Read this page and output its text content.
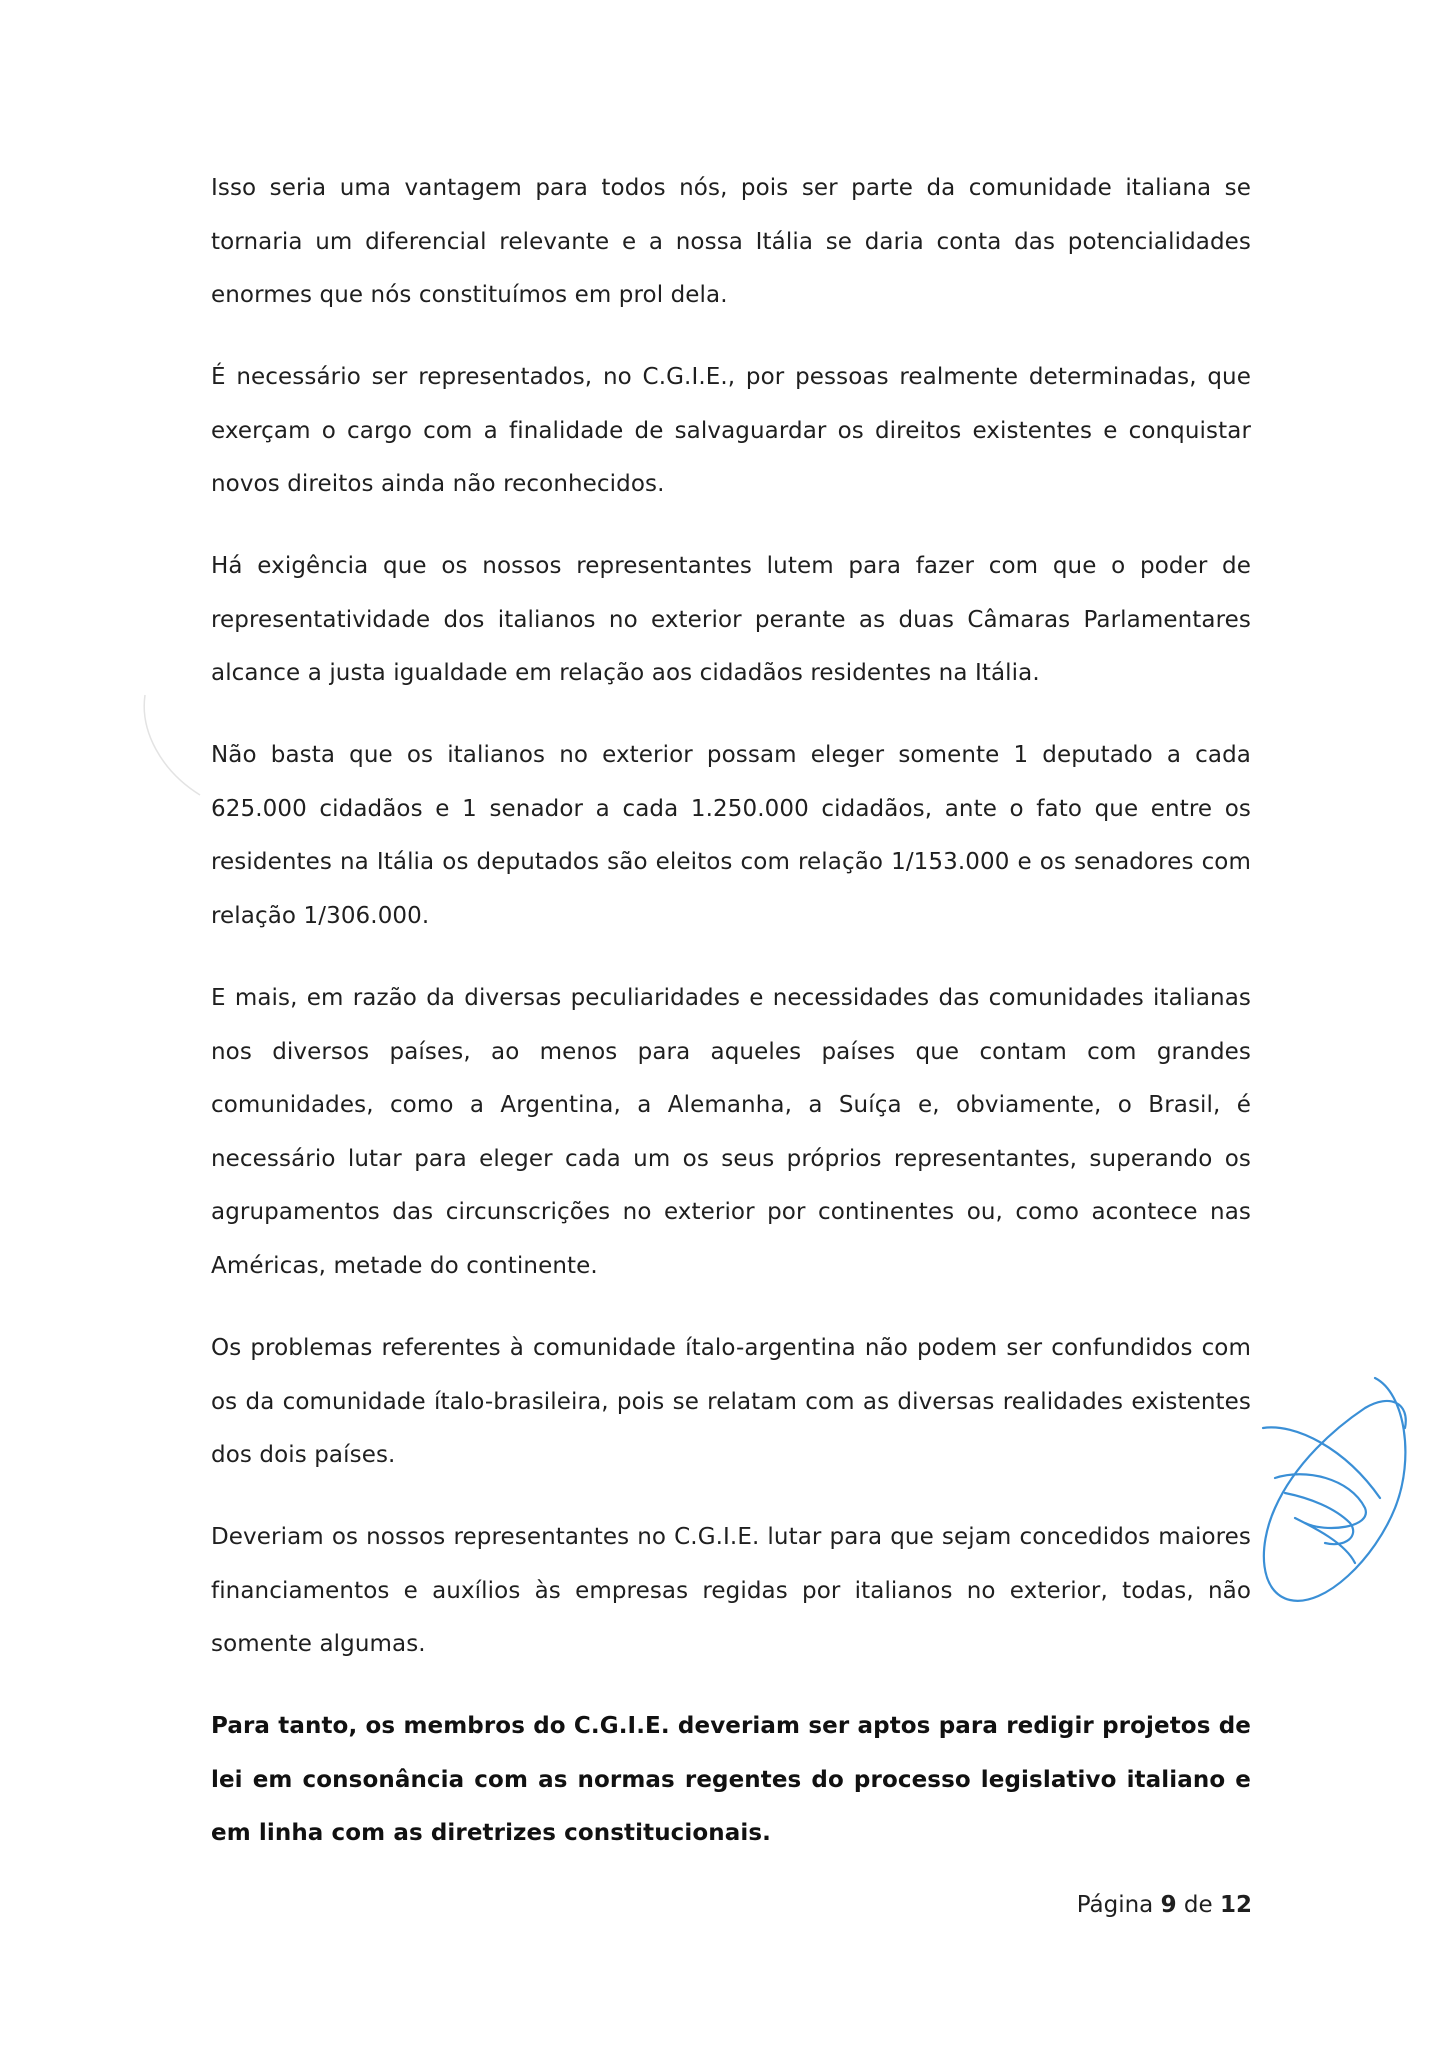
Isso seria uma vantagem para todos nós, pois ser parte da comunidade italiana se tornaria um diferencial relevante e a nossa Itália se daria conta das potencialidades enormes que nós constituímos em prol dela.

É necessário ser representados, no C.G.I.E., por pessoas realmente determinadas, que exerçam o cargo com a finalidade de salvaguardar os direitos existentes e conquistar novos direitos ainda não reconhecidos.

Há exigência que os nossos representantes lutem para fazer com que o poder de representatividade dos italianos no exterior perante as duas Câmaras Parlamentares alcance a justa igualdade em relação aos cidadãos residentes na Itália.

Não basta que os italianos no exterior possam eleger somente 1 deputado a cada 625.000 cidadãos e 1 senador a cada 1.250.000 cidadãos, ante o fato que entre os residentes na Itália os deputados são eleitos com relação 1/153.000 e os senadores com relação 1/306.000.

E mais, em razão da diversas peculiaridades e necessidades das comunidades italianas nos diversos países, ao menos para aqueles países que contam com grandes comunidades, como a Argentina, a Alemanha, a Suíça e, obviamente, o Brasil, é necessário lutar para eleger cada um os seus próprios representantes, superando os agrupamentos das circunscrições no exterior por continentes ou, como acontece nas Américas, metade do continente.

Os problemas referentes à comunidade ítalo-argentina não podem ser confundidos com os da comunidade ítalo-brasileira, pois se relatam com as diversas realidades existentes dos dois países.

Deveriam os nossos representantes no C.G.I.E. lutar para que sejam concedidos maiores financiamentos e auxílios às empresas regidas por italianos no exterior, todas, não somente algumas.

Para tanto, os membros do C.G.I.E. deveriam ser aptos para redigir projetos de lei em consonância com as normas regentes do processo legislativo italiano e em linha com as diretrizes constitucionais.

Página 9 de 12
